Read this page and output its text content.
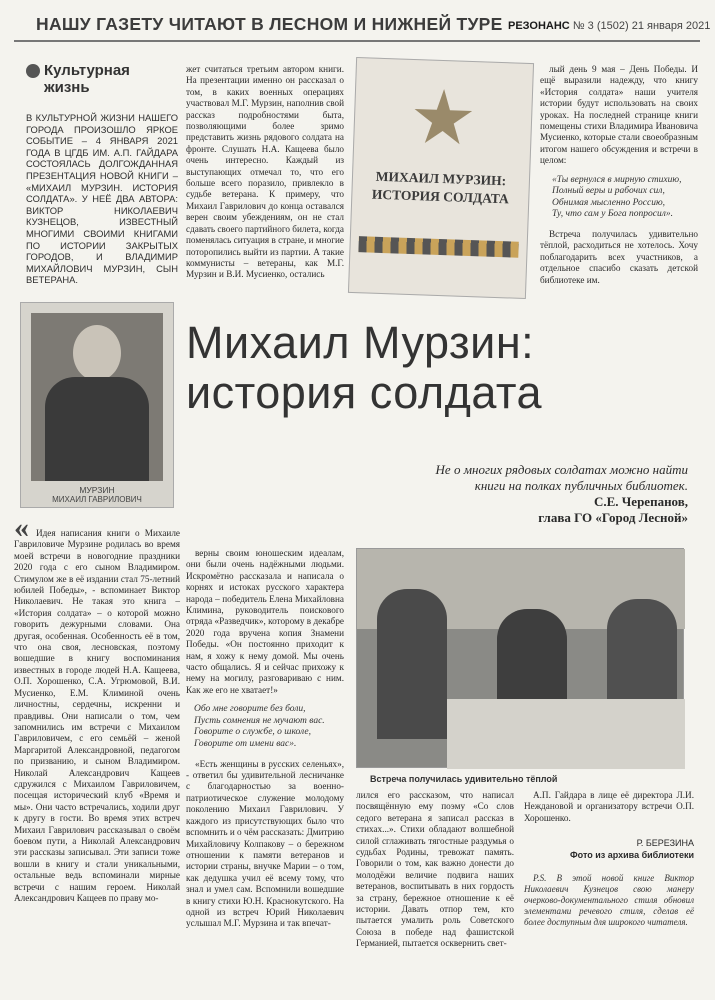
НАШУ ГАЗЕТУ ЧИТАЮТ В ЛЕСНОМ И НИЖНЕЙ ТУРЕ РЕЗОНАНС № 3 (1502) 21 января 2021
Культурная жизнь
В КУЛЬТУРНОЙ ЖИЗНИ НАШЕГО ГОРОДА ПРОИЗОШЛО ЯРКОЕ СОБЫТИЕ – 4 ЯНВАРЯ 2021 ГОДА В ЦГДБ ИМ. А.П. ГАЙДАРА СОСТОЯЛАСЬ ДОЛГОЖДАННАЯ ПРЕЗЕНТАЦИЯ НОВОЙ КНИГИ – «МИХАИЛ МУРЗИН. ИСТОРИЯ СОЛДАТА». У НЕЁ ДВА АВТОРА: ВИКТОР НИКОЛАЕВИЧ КУЗНЕЦОВ, ИЗВЕСТНЫЙ МНОГИМИ СВОИМИ КНИГАМИ ПО ИСТОРИИ ЗАКРЫТЫХ ГОРОДОВ, И ВЛАДИМИР МИХАЙЛОВИЧ МУРЗИН, СЫН ВЕТЕРАНА.
МУРЗИН
МИХАИЛ ГАВРИЛОВИЧ
жет считаться третьим автором книги. На презентации именно он рассказал о том, в каких военных операциях участвовал М.Г. Мурзин, наполнив свой рассказ подробностями быта, позволяющими более зримо представить жизнь рядового солдата на фронте. Слушать Н.А. Кащеева было очень интересно. Каждый из выступающих отмечал то, что его больше всего поразило, привлекло в судьбе ветерана. К примеру, что Михаил Гаврилович до конца оставался верен своим убеждениям, он не стал сдавать своего партийного билета, когда поменялась ситуация в стране, и многие поторопились выйти из партии. А такие коммунисты – ветераны, как М.Г. Мурзин и В.И. Мусиенко, остались
МИХАИЛ МУРЗИН:
ИСТОРИЯ СОЛДАТА

лый день 9 мая – День Победы. И ещё выразили надежду, что книгу «История солдата» наши учителя истории будут использовать на своих уроках. На последней странице книги помещены стихи Владимира Ивановича Мусиенко, которые стали своеобразным итогом нашего обсуждения и встречи в целом:

«Ты вернулся в мирную стихию,
Полный веры и рабочих сил,
Обнимая мысленно Россию,
Ту, что сам у Бога попросил».

Встреча получилась удивительно тёплой, расходиться не хотелось. Хочу поблагодарить всех участников, а отдельное спасибо сказать детской библиотеке им.

Михаил Мурзин:
история солдата
Не о многих рядовых солдатах можно найти
книги на полках публичных библиотек.
С.Е. Черепанов,
глава ГО «Город Лесной»
« Идея написания книги о Михаиле Гавриловиче Мурзине родилась во время моей встречи в новогодние праздники 2020 года с его сыном Владимиром. Стимулом же в её издании стал 75-летний юбилей Победы», - вспоминает Виктор Николаевич. Не такая это книга – «История солдата» – о которой можно говорить дежурными словами. Она другая, особенная. Особенность её в том, что она своя, лесновская, поэтому вошедшие в книгу воспоминания известных в городе людей Н.А. Кащеева, О.П. Хорошенко, С.А. Угрюмовой, В.И. Мусиенко, Е.М. Климиной очень личностны, сердечны, искренни и правдивы. Они написали о том, чем запомнились им встречи с Михаилом Гавриловичем, с его семьёй – женой Маргаритой Александровной, педагогом по призванию, и сыном Владимиром. Николай Александрович Кащеев сдружился с Михаилом Гавриловичем, посещая исторический клуб «Время и мы». Они часто встречались, ходили друг к другу в гости. Во время этих встреч Михаил Гаврилович рассказывал о своём боевом пути, а Николай Александрович эти рассказы записывал. Эти записи тоже вошли в книгу и стали уникальными, остальные ведь вспоминали мирные встречи с нашим героем. Николай Александрович Кащеев по праву мо-

верны своим юношеским идеалам, они были очень надёжными людьми. Искромётно рассказала и написала о корнях и истоках русского характера народа – победитель Елена Михайловна Климина, руководитель поискового отряда «Разведчик», которому в декабре 2020 года вручена копия Знамени Победы. «Он постоянно приходит к нам, я хожу к нему домой. Мы очень часто общались. Я и сейчас прихожу к нему на могилу, разговариваю с ним. Как же его не хватает!»

Обо мне говорите без боли,
Пусть сомнения не мучают вас.
Говорите о службе, о школе,
Говорите от имени вас».

«Есть женщины в русских селеньях», - ответил бы удивительной лесничанке с благодарностью за военно-патриотическое служение молодому поколению Михаил Гаврилович. У каждого из присутствующих было что вспомнить и о чём рассказать: Дмитрию Михайловичу Колпакову – о бережном отношении к памяти ветеранов и истории страны, внучке Марии – о том, как дедушка учил её всему тому, что знал и умел сам. Вспомнили вошедшие в книгу стихи Ю.Н. Краснокутского. На одной из встреч Юрий Николаевич услышал М.Г. Мурзина и так впечат-

Встреча получилась удивительно тёплой
лился его рассказом, что написал посвящённую ему поэму «Со слов седого ветерана я записал рассказ в стихах...». Стихи обладают волшебной силой сглаживать тягостные раздумья о судьбах Родины, тревожат память. Говорили о том, как важно донести до молодёжи величие подвига наших ветеранов, воспитывать в них гордость за страну, бережное отношение к её истории. Давать отпор тем, кто пытается умалить роль Советского Союза в победе над фашистской Германией, пытается осквернить свет-

А.П. Гайдара в лице её директора Л.И. Неждановой и организатору встречи О.П. Хорошенко.

Р. БЕРЕЗИНА
Фото из архива библиотеки

P.S. В этой новой книге Виктор Николаевич Кузнецов свою манеру очерково-документального стиля обновил элементами речевого стиля, сделав её более доступным для широкого читателя.
